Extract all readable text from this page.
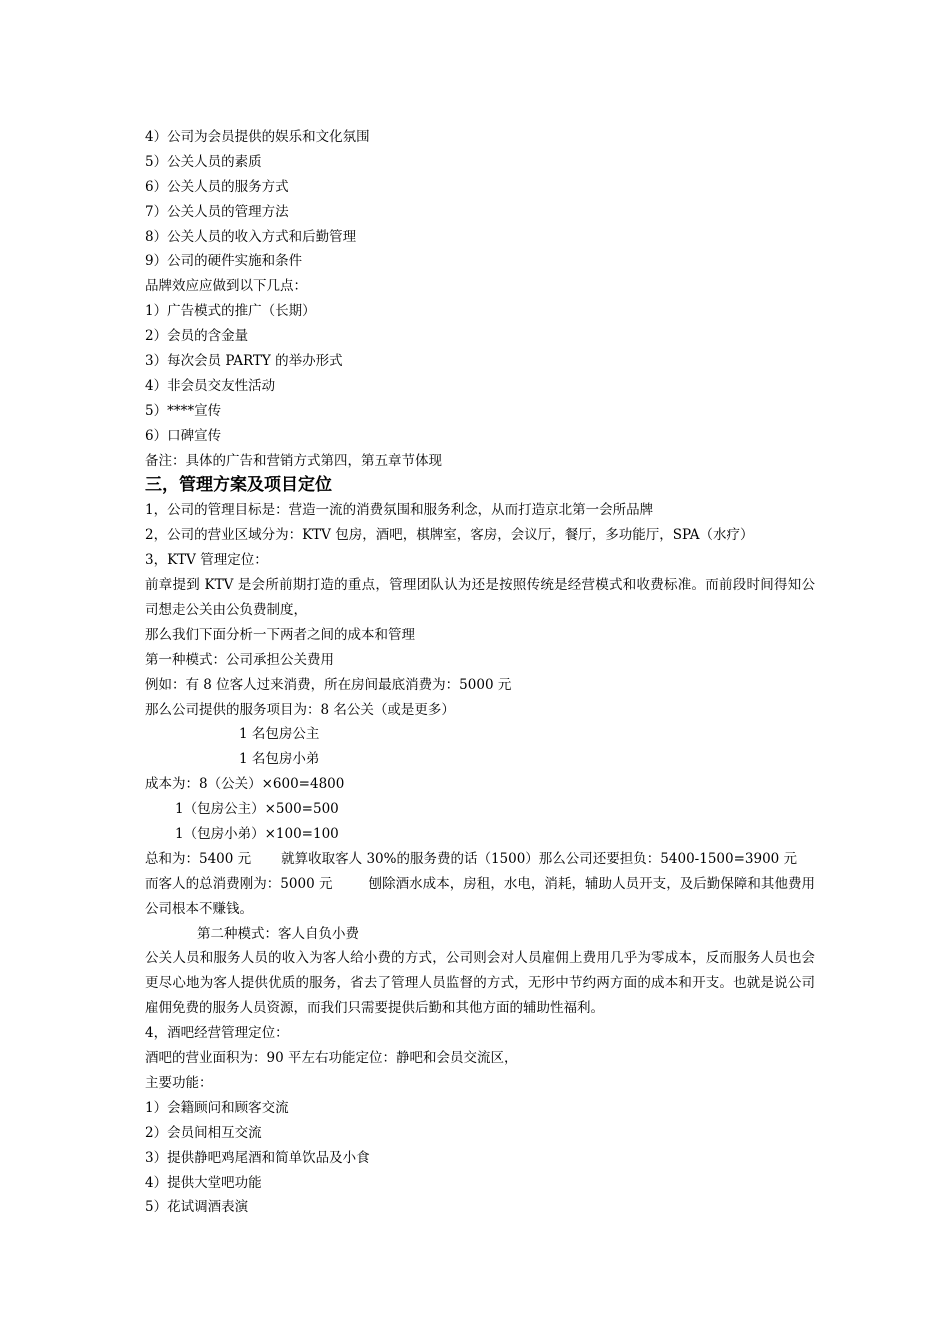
4）公司为会员提供的娱乐和文化氛围
5）公关人员的素质
6）公关人员的服务方式
7）公关人员的管理方法
8）公关人员的收入方式和后勤管理
9）公司的硬件实施和条件
品牌效应应做到以下几点：
1）广告模式的推广（长期）
2）会员的含金量
3）每次会员 PARTY 的举办形式
4）非会员交友性活动
5）****宣传
6）口碑宣传
备注：具体的广告和营销方式第四，第五章节体现
三，管理方案及项目定位
1，公司的管理目标是：营造一流的消费氛围和服务利念，从而打造京北第一会所品牌
2，公司的营业区域分为：KTV 包房，酒吧，棋牌室，客房，会议厅，餐厅，多功能厅，SPA（水疗）
3，KTV 管理定位：
前章提到 KTV 是会所前期打造的重点，管理团队认为还是按照传统是经营模式和收费标准。而前段时间得知公司想走公关由公负费制度，
那么我们下面分析一下两者之间的成本和管理
第一种模式：公司承担公关费用
例如：有 8 位客人过来消费，所在房间最底消费为：5000 元
那么公司提供的服务项目为：8 名公关（或是更多）
1 名包房公主
1 名包房小弟
成本为：8（公关）×600=4800
1（包房公主）×500=500
1（包房小弟）×100=100
总和为：5400 元 就算收取客人 30%的服务费的话（1500）那么公司还要担负：5400-1500=3900 元
而客人的总消费刚为：5000 元	刨除酒水成本，房租，水电，消耗，辅助人员开支，及后勤保障和其他费用公司根本不赚钱。
第二种模式：客人自负小费
公关人员和服务人员的收入为客人给小费的方式，公司则会对人员雇佣上费用几乎为零成本，反而服务人员也会更尽心地为客人提供优质的服务，省去了管理人员监督的方式，无形中节约两方面的成本和开支。也就是说公司雇佣免费的服务人员资源，而我们只需要提供后勤和其他方面的辅助性福利。
4，酒吧经营管理定位：
酒吧的营业面积为：90 平左右功能定位：静吧和会员交流区，
主要功能：
1）会籍顾问和顾客交流
2）会员间相互交流
3）提供静吧鸡尾酒和简单饮品及小食
4）提供大堂吧功能
5）花试调酒表演
